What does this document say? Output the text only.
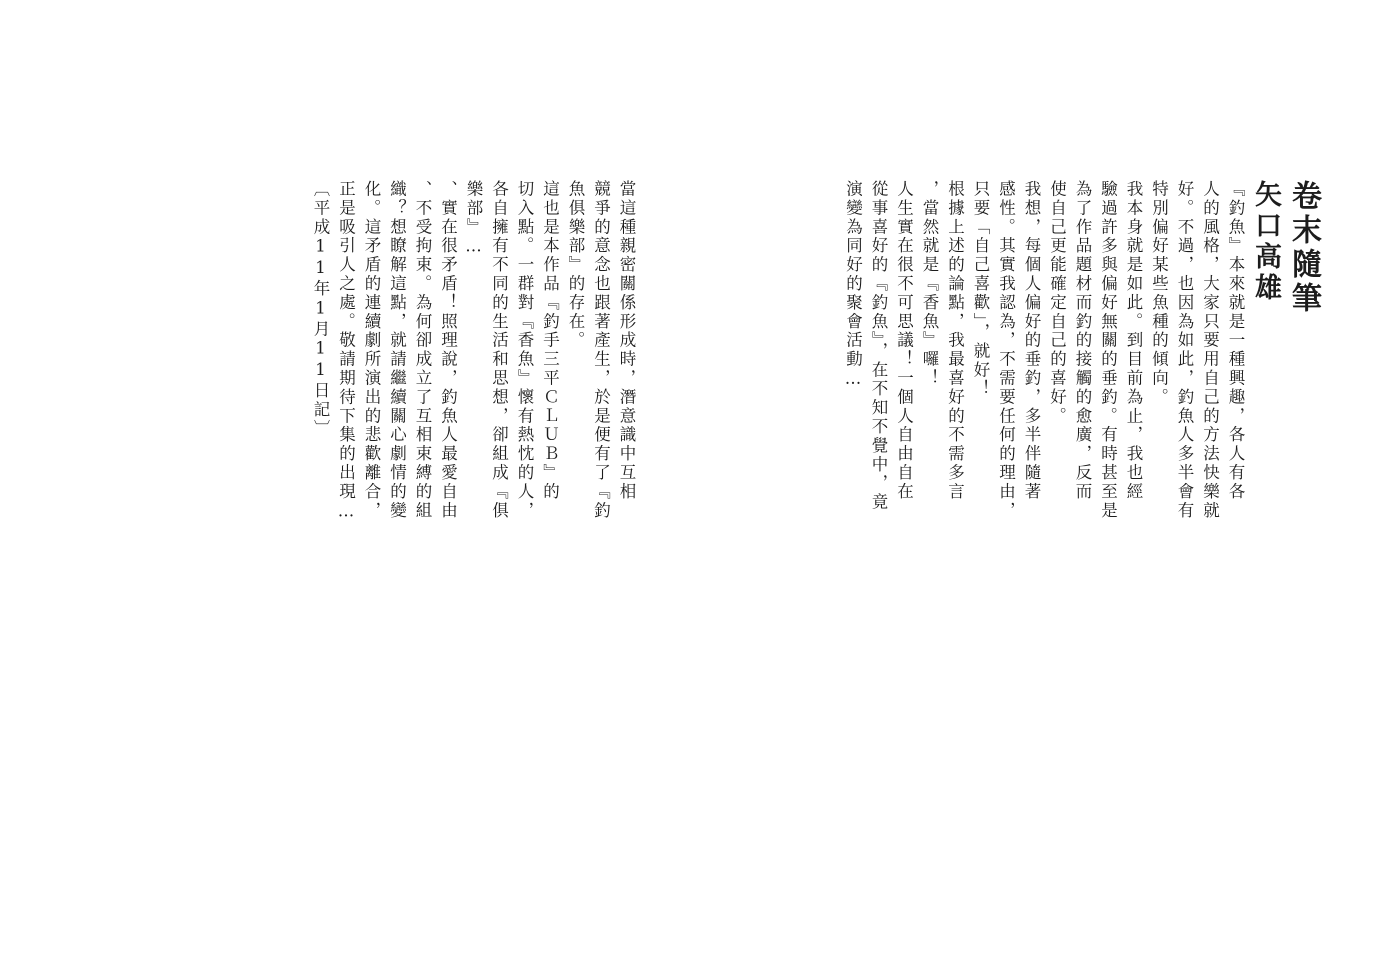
當這種親密關係形成時，潛意識中互相
競爭的意念也跟著產生，於是便有了『釣
魚俱樂部』的存在。
這也是本作品『釣手三平ＣＬＵＢ』的
切入點。一群對『香魚』懷有熱忱的人，
各自擁有不同的生活和思想，卻組成『俱
樂部』…
、實在很矛盾！照理說，釣魚人最愛自由
、不受拘束。為何卻成立了互相束縛的組
織？想瞭解這點，就請繼續關心劇情的變
化。這矛盾的連續劇所演出的悲歡離合，
正是吸引人之處。敬請期待下集的出現…
〔平成11年1月11日記〕	卷末隨筆
矢口高雄
『釣魚』本來就是一種興趣，各人有各
人的風格，大家只要用自己的方法快樂就
好。不過，也因為如此，釣魚人多半會有
特別偏好某些魚種的傾向。
我本身就是如此。到目前為止，我也經
驗過許多與偏好無關的垂釣。有時甚至是
為了作品題材而釣的接觸的愈廣，反而
使自己更能確定自己的喜好。
我想，每個人偏好的垂釣，多半伴隨著
感性。其實我認為，不需要任何的理由，
只要「自己喜歡」，就好！
根據上述的論點，我最喜好的不需多言
，當然就是『香魚』囉！
人生實在很不可思議！一個人自由自在
從事喜好的『釣魚』，在不知不覺中，竟
演變為同好的聚會活動…
